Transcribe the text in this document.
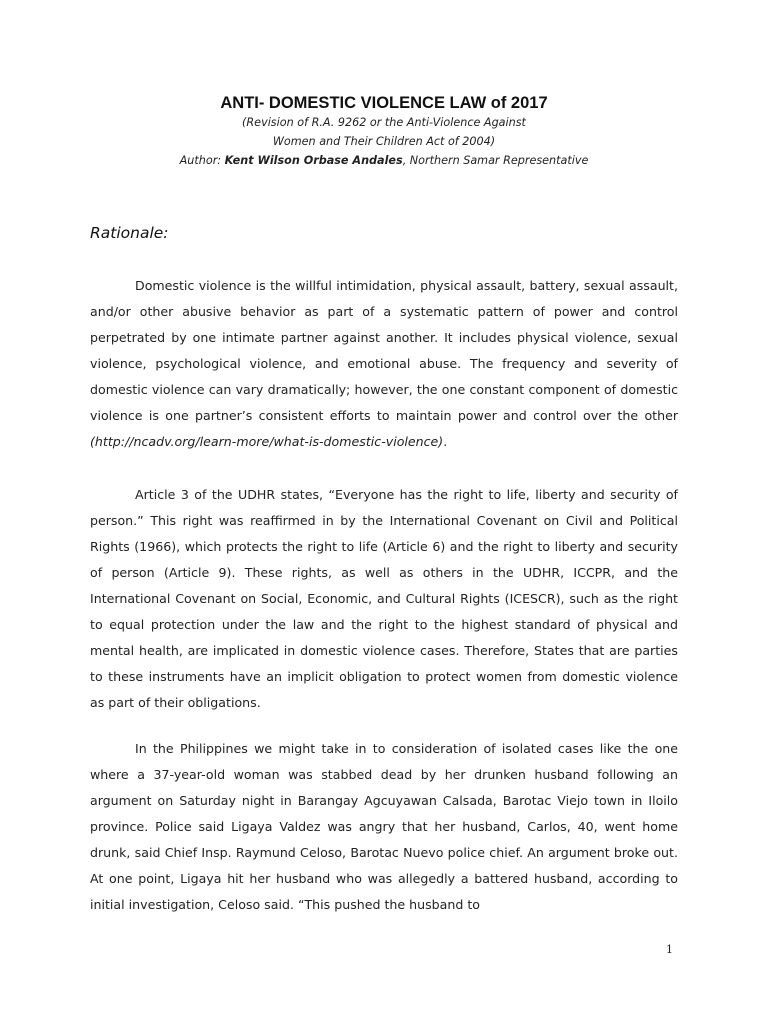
ANTI- DOMESTIC VIOLENCE LAW of 2017
(Revision of R.A. 9262 or the Anti-Violence Against
Women and Their Children Act of 2004)
Author: Kent Wilson Orbase Andales, Northern Samar Representative
Rationale:

Domestic violence is the willful intimidation, physical assault, battery, sexual assault, and/or other abusive behavior as part of a systematic pattern of power and control perpetrated by one intimate partner against another. It includes physical violence, sexual violence, psychological violence, and emotional abuse. The frequency and severity of domestic violence can vary dramatically; however, the one constant component of domestic violence is one partner’s consistent efforts to maintain power and control over the other (http://ncadv.org/learn-more/what-is-domestic-violence).

Article 3 of the UDHR states, “Everyone has the right to life, liberty and security of person.” This right was reaffirmed in by the International Covenant on Civil and Political Rights (1966), which protects the right to life (Article 6) and the right to liberty and security of person (Article 9). These rights, as well as others in the UDHR, ICCPR, and the International Covenant on Social, Economic, and Cultural Rights (ICESCR), such as the right to equal protection under the law and the right to the highest standard of physical and mental health, are implicated in domestic violence cases. Therefore, States that are parties to these instruments have an implicit obligation to protect women from domestic violence as part of their obligations.

In the Philippines we might take in to consideration of isolated cases like the one where a 37-year-old woman was stabbed dead by her drunken husband following an argument on Saturday night in Barangay Agcuyawan Calsada, Barotac Viejo town in Iloilo province. Police said Ligaya Valdez was angry that her husband, Carlos, 40, went home drunk, said Chief Insp. Raymund Celoso, Barotac Nuevo police chief. An argument broke out. At one point, Ligaya hit her husband who was allegedly a battered husband, according to initial investigation, Celoso said. “This pushed the husband to

1
